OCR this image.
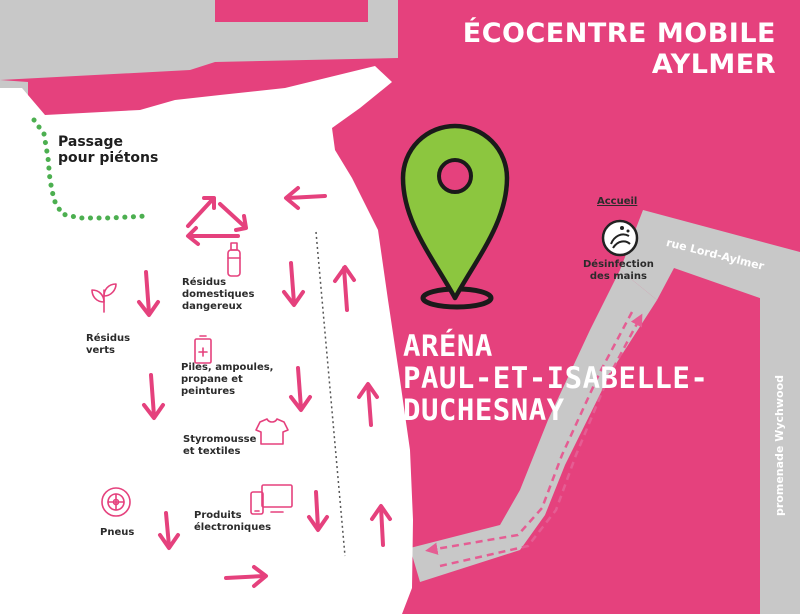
ÉCOCENTRE MOBILE
AYLMER
ARÉNA
PAUL-ET-ISABELLE-
DUCHESNAY
Passage
pour piétons
Accueil
Désinfection
des mains
rue Lord-Aylmer
promenade Wychwood
Résidus
domestiques
dangereux
Résidus
verts
Piles, ampoules,
propane et
peintures
Styromousse
et textiles
Pneus
Produits
électroniques
